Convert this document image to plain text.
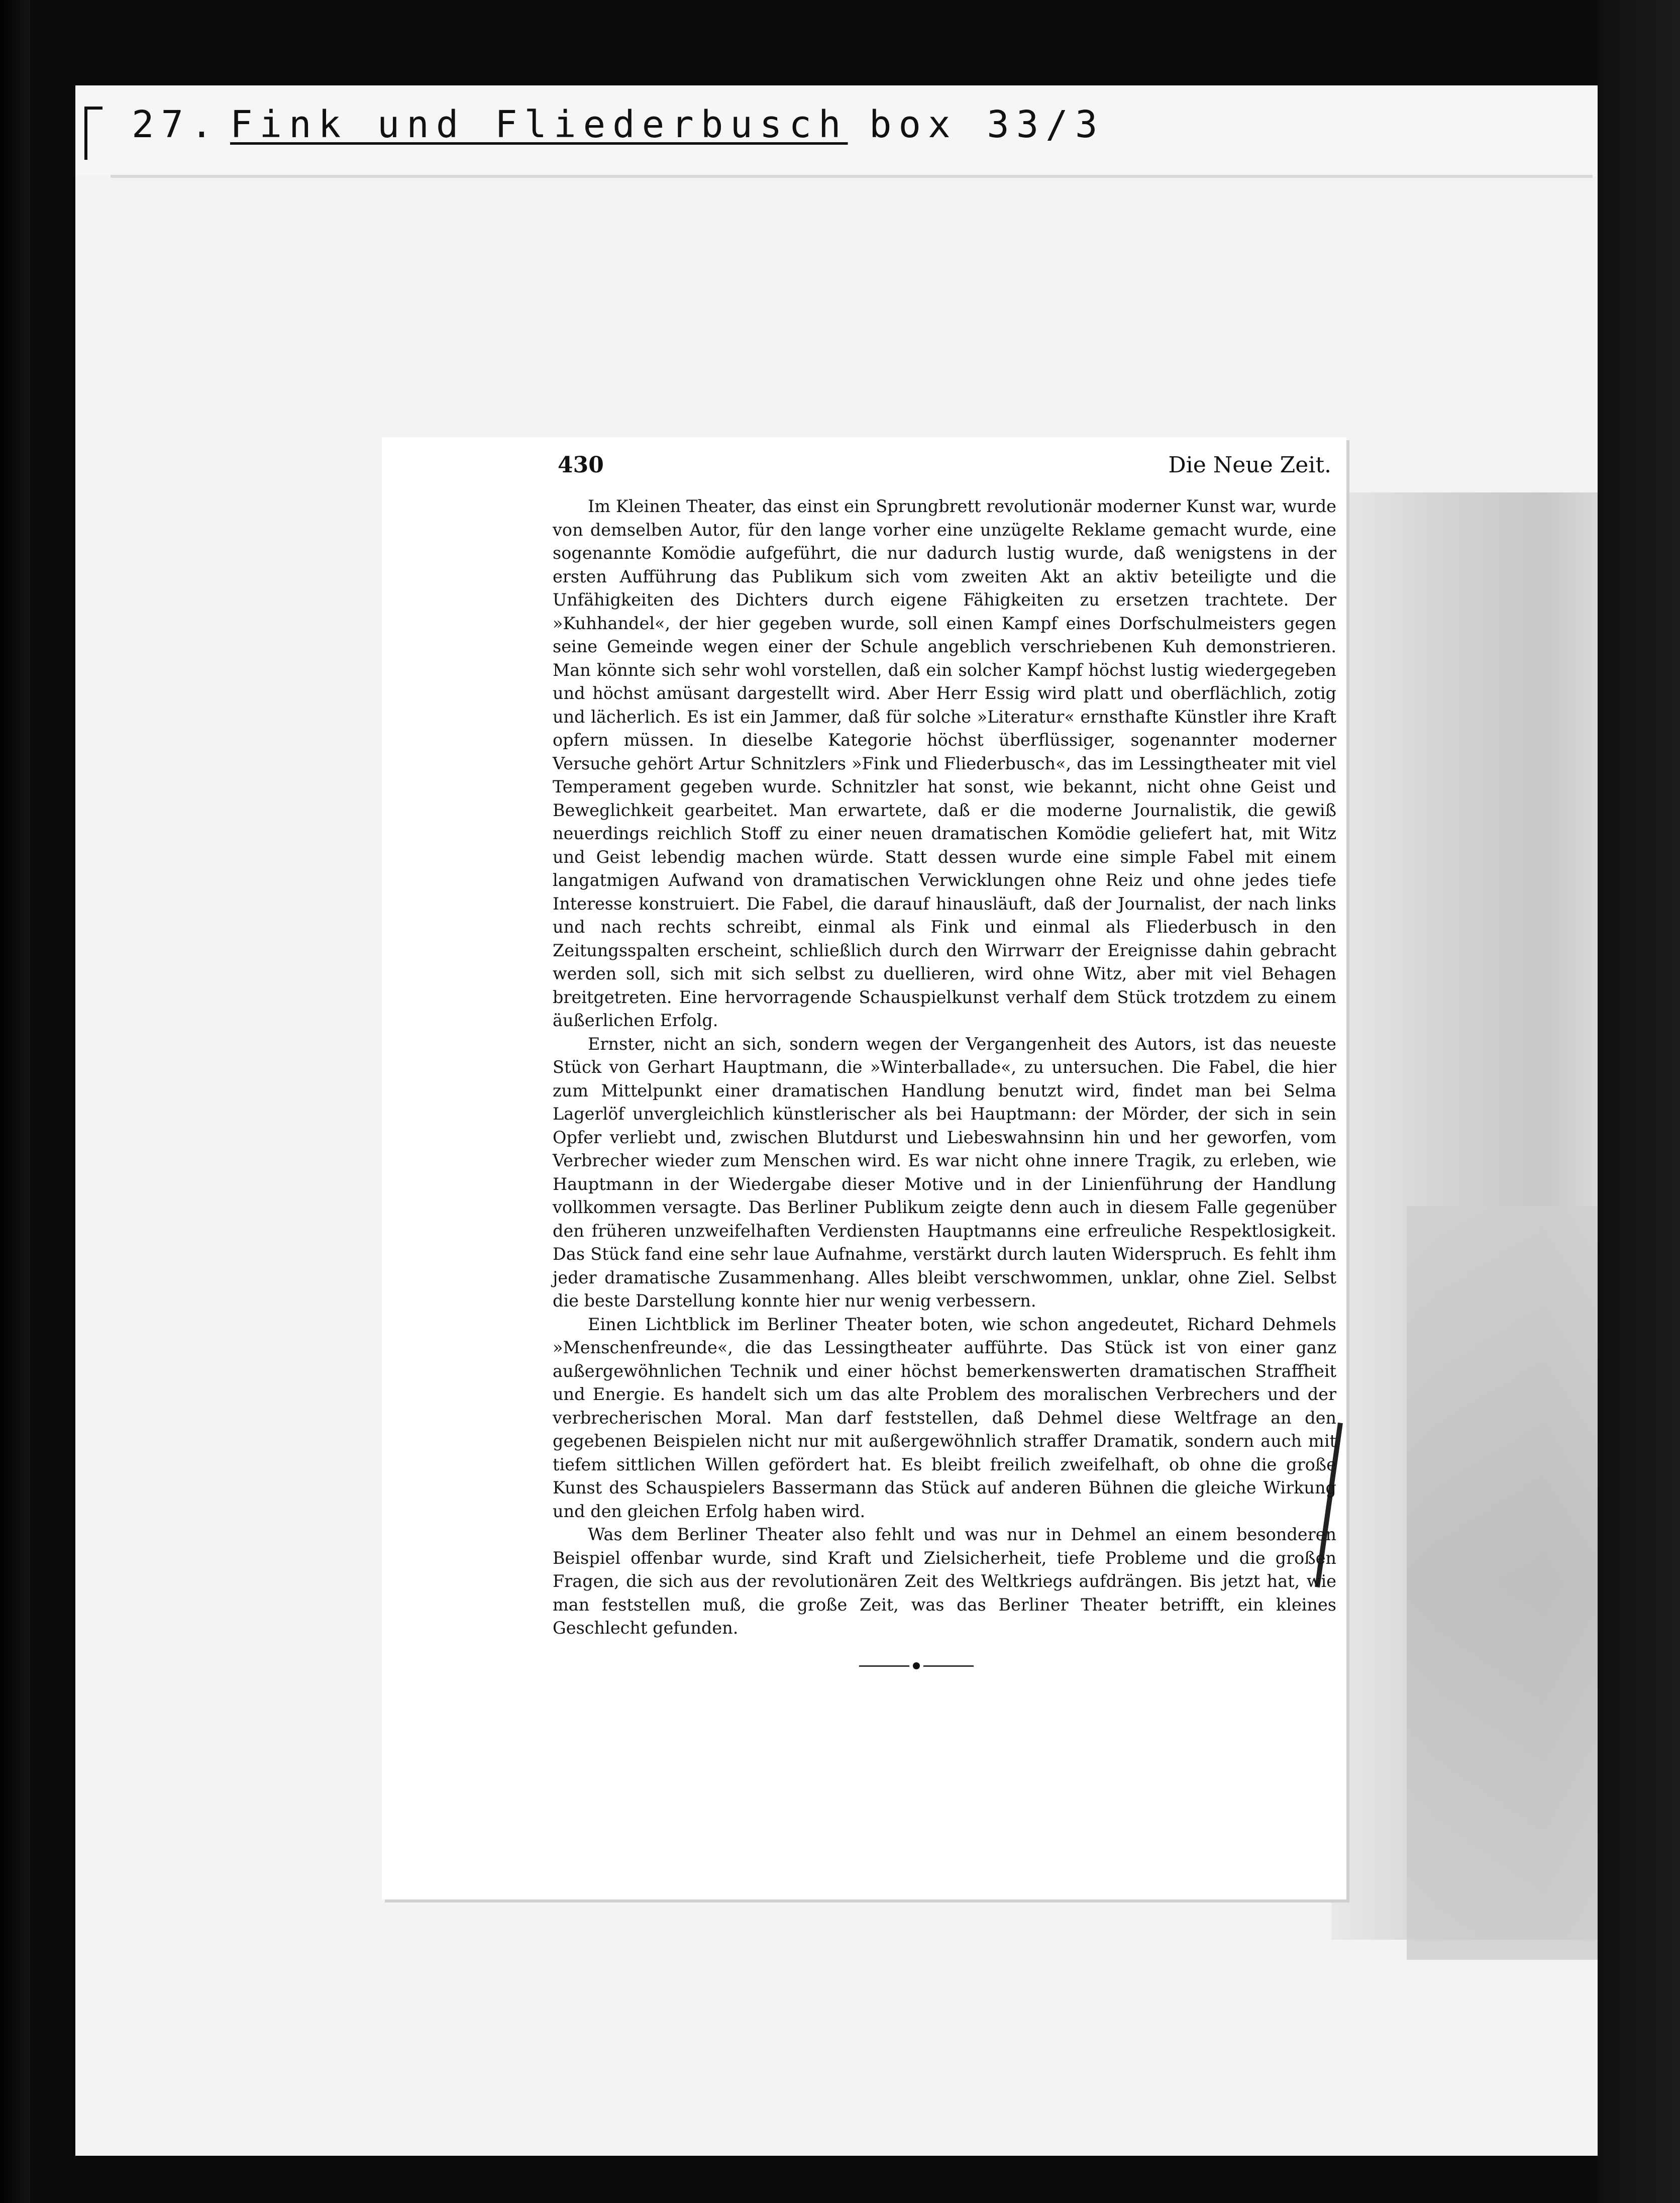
27. Fink und Fliederbusch box 33/3
430	Die Neue Zeit.

Im Kleinen Theater, das einst ein Sprungbrett revolutionär moderner Kunst war, wurde von demselben Autor, für den lange vorher eine unzügelte Reklame gemacht wurde, eine sogenannte Komödie aufgeführt, die nur dadurch lustig wurde, daß wenigstens in der ersten Aufführung das Publikum sich vom zweiten Akt an aktiv beteiligte und die Unfähigkeiten des Dichters durch eigene Fähigkeiten zu ersetzen trachtete. Der »Kuhhandel«, der hier gegeben wurde, soll einen Kampf eines Dorfschulmeisters gegen seine Gemeinde wegen einer der Schule angeblich verschriebenen Kuh demonstrieren. Man könnte sich sehr wohl vorstellen, daß ein solcher Kampf höchst lustig wiedergegeben und höchst amüsant dargestellt wird. Aber Herr Essig wird platt und oberflächlich, zotig und lächerlich. Es ist ein Jammer, daß für solche »Literatur« ernsthafte Künstler ihre Kraft opfern müssen. In dieselbe Kategorie höchst überflüssiger, sogenannter moderner Versuche gehört Artur Schnitzlers »Fink und Fliederbusch«, das im Lessingtheater mit viel Temperament gegeben wurde. Schnitzler hat sonst, wie bekannt, nicht ohne Geist und Beweglichkeit gearbeitet. Man erwartete, daß er die moderne Journalistik, die gewiß neuerdings reichlich Stoff zu einer neuen dramatischen Komödie geliefert hat, mit Witz und Geist lebendig machen würde. Statt dessen wurde eine simple Fabel mit einem langatmigen Aufwand von dramatischen Verwicklungen ohne Reiz und ohne jedes tiefe Interesse konstruiert. Die Fabel, die darauf hinausläuft, daß der Journalist, der nach links und nach rechts schreibt, einmal als Fink und einmal als Fliederbusch in den Zeitungsspalten erscheint, schließlich durch den Wirrwarr der Ereignisse dahin gebracht werden soll, sich mit sich selbst zu duellieren, wird ohne Witz, aber mit viel Behagen breitgetreten. Eine hervorragende Schauspielkunst verhalf dem Stück trotzdem zu einem äußerlichen Erfolg.

Ernster, nicht an sich, sondern wegen der Vergangenheit des Autors, ist das neueste Stück von Gerhart Hauptmann, die »Winterballade«, zu untersuchen. Die Fabel, die hier zum Mittelpunkt einer dramatischen Handlung benutzt wird, findet man bei Selma Lagerlöf unvergleichlich künstlerischer als bei Hauptmann: der Mörder, der sich in sein Opfer verliebt und, zwischen Blutdurst und Liebeswahnsinn hin und her geworfen, vom Verbrecher wieder zum Menschen wird. Es war nicht ohne innere Tragik, zu erleben, wie Hauptmann in der Wiedergabe dieser Motive und in der Linienführung der Handlung vollkommen versagte. Das Berliner Publikum zeigte denn auch in diesem Falle gegenüber den früheren unzweifelhaften Verdiensten Hauptmanns eine erfreuliche Respektlosigkeit. Das Stück fand eine sehr laue Aufnahme, verstärkt durch lauten Widerspruch. Es fehlt ihm jeder dramatische Zusammenhang. Alles bleibt verschwommen, unklar, ohne Ziel. Selbst die beste Darstellung konnte hier nur wenig verbessern.

Einen Lichtblick im Berliner Theater boten, wie schon angedeutet, Richard Dehmels »Menschenfreunde«, die das Lessingtheater aufführte. Das Stück ist von einer ganz außergewöhnlichen Technik und einer höchst bemerkenswerten dramatischen Straffheit und Energie. Es handelt sich um das alte Problem des moralischen Verbrechers und der verbrecherischen Moral. Man darf feststellen, daß Dehmel diese Weltfrage an den gegebenen Beispielen nicht nur mit außergewöhnlich straffer Dramatik, sondern auch mit tiefem sittlichen Willen gefördert hat. Es bleibt freilich zweifelhaft, ob ohne die große Kunst des Schauspielers Bassermann das Stück auf anderen Bühnen die gleiche Wirkung und den gleichen Erfolg haben wird.

Was dem Berliner Theater also fehlt und was nur in Dehmel an einem besonderen Beispiel offenbar wurde, sind Kraft und Zielsicherheit, tiefe Probleme und die großen Fragen, die sich aus der revolutionären Zeit des Weltkriegs aufdrängen. Bis jetzt hat, wie man feststellen muß, die große Zeit, was das Berliner Theater betrifft, ein kleines Geschlecht gefunden.
